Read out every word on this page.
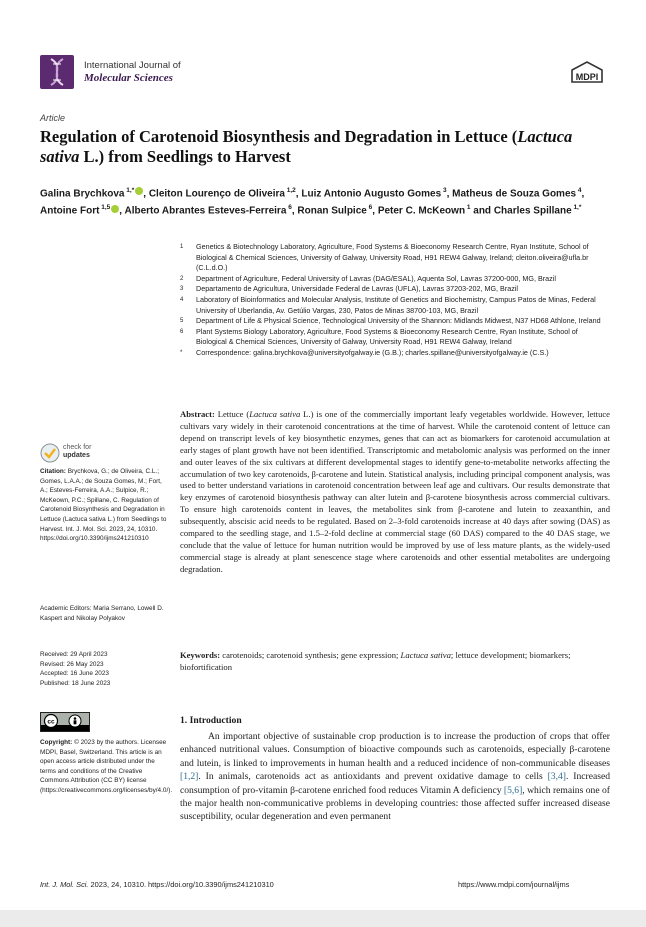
International Journal of
Molecular Sciences	MDPI
Article
Regulation of Carotenoid Biosynthesis and Degradation in Lettuce (Lactuca sativa L.) from Seedlings to Harvest
Galina Brychkova $^{1,*}$ , Cleiton Lourenço de Oliveira $^{1,2}$, Luiz Antonio Augusto Gomes $^3$, Matheus de Souza Gomes $^4$, Antoine Fort $^{1,5}$ , Alberto Abrantes Esteves-Ferreira $^6$, Ronan Sulpice $^6$, Peter C. McKeown $^1$ and Charles Spillane $^{1,*}$
1 Genetics & Biotechnology Laboratory, Agriculture, Food Systems & Bioeconomy Research Centre, Ryan Institute, School of Biological & Chemical Sciences, University of Galway, University Road, H91 REW4 Galway, Ireland; cleiton.oliveira@ufla.br (C.L.d.O.)
2 Department of Agriculture, Federal University of Lavras (DAG/ESAL), Aquenta Sol, Lavras 37200-000, MG, Brazil
3 Departamento de Agricultura, Universidade Federal de Lavras (UFLA), Lavras 37203-202, MG, Brazil
4 Laboratory of Bioinformatics and Molecular Analysis, Institute of Genetics and Biochemistry, Campus Patos de Minas, Federal University of Uberlandia, Av. Getúlio Vargas, 230, Patos de Minas 38700-103, MG, Brazil
5 Department of Life & Physical Science, Technological University of the Shannon: Midlands Midwest, N37 HD68 Athlone, Ireland
6 Plant Systems Biology Laboratory, Agriculture, Food Systems & Bioeconomy Research Centre, Ryan Institute, School of Biological & Chemical Sciences, University of Galway, University Road, H91 REW4 Galway, Ireland
* Correspondence: galina.brychkova@universityofgalway.ie (G.B.); charles.spillane@universityofgalway.ie (C.S.)
Abstract: Lettuce (Lactuca sativa L.) is one of the commercially important leafy vegetables worldwide. However, lettuce cultivars vary widely in their carotenoid concentrations at the time of harvest. While the carotenoid content of lettuce can depend on transcript levels of key biosynthetic enzymes, genes that can act as biomarkers for carotenoid accumulation at early stages of plant growth have not been identified. Transcriptomic and metabolomic analysis was performed on the inner and outer leaves of the six cultivars at different developmental stages to identify gene-to-metabolite networks affecting the accumulation of two key carotenoids, β-carotene and lutein. Statistical analysis, including principal component analysis, was used to better understand variations in carotenoid concentration between leaf age and cultivars. Our results demonstrate that key enzymes of carotenoid biosynthesis pathway can alter lutein and β-carotene biosynthesis across commercial cultivars. To ensure high carotenoids content in leaves, the metabolites sink from β-carotene and lutein to zeaxanthin, and subsequently, abscisic acid needs to be regulated. Based on 2–3-fold carotenoids increase at 40 days after sowing (DAS) as compared to the seedling stage, and 1.5–2-fold decline at commercial stage (60 DAS) compared to the 40 DAS stage, we conclude that the value of lettuce for human nutrition would be improved by use of less mature plants, as the widely-used commercial stage is already at plant senescence stage where carotenoids and other essential metabolites are undergoing degradation.
Keywords: carotenoids; carotenoid synthesis; gene expression; Lactuca sativa; lettuce development; biomarkers; biofortification
1. Introduction
An important objective of sustainable crop production is to increase the production of crops that offer enhanced nutritional values. Consumption of bioactive compounds such as carotenoids, especially β-carotene and lutein, is linked to improvements in human health and a reduced incidence of non-communicable diseases [1,2]. In animals, carotenoids act as antioxidants and prevent oxidative damage to cells [3,4]. Increased consumption of pro-vitamin β-carotene enriched food reduces Vitamin A deficiency [5,6], which remains one of the major health non-communicative problems in developing countries: those affected suffer increased disease susceptibility, ocular degeneration and even permanent
check for
updates
Citation: Brychkova, G.; de Oliveira, C.L.; Gomes, L.A.A.; de Souza Gomes, M.; Fort, A.; Esteves-Ferreira, A.A.; Sulpice, R.; McKeown, P.C.; Spillane, C. Regulation of Carotenoid Biosynthesis and Degradation in Lettuce (Lactuca sativa L.) from Seedlings to Harvest. Int. J. Mol. Sci. 2023, 24, 10310. https://doi.org/10.3390/ijms241210310
Academic Editors: Maria Serrano, Lowell D. Kaspert and Nikolay Polyakov
Received: 29 April 2023
Revised: 26 May 2023
Accepted: 16 June 2023
Published: 18 June 2023
cc
Copyright: © 2023 by the authors. Licensee MDPI, Basel, Switzerland. This article is an open access article distributed under the terms and conditions of the Creative Commons Attribution (CC BY) license (https://creativecommons.org/licenses/by/4.0/).
Int. J. Mol. Sci. 2023, 24, 10310. https://doi.org/10.3390/ijms241210310	https://www.mdpi.com/journal/ijms
